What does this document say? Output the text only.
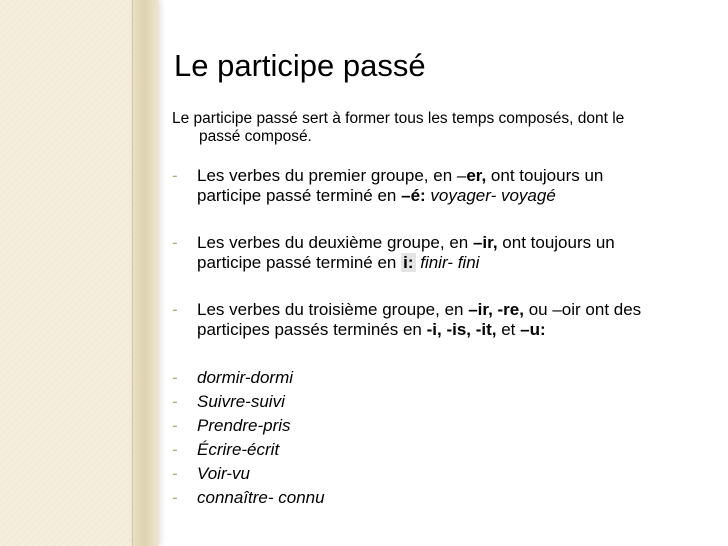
Le participe passé
Le participe passé sert à former tous les temps composés, dont le
passé composé.
- Les verbes du premier groupe, en –er, ont toujours un
participe passé terminé en –é: voyager- voyagé
- Les verbes du deuxième groupe, en –ir, ont toujours un
participe passé terminé en i: finir- fini
- Les verbes du troisième groupe, en –ir, -re, ou –oir ont des
participes passés terminés en -i, -is, -it, et –u:
- dormir-dormi
- Suivre-suivi
- Prendre-pris
- Écrire-écrit
- Voir-vu
- connaître- connu
